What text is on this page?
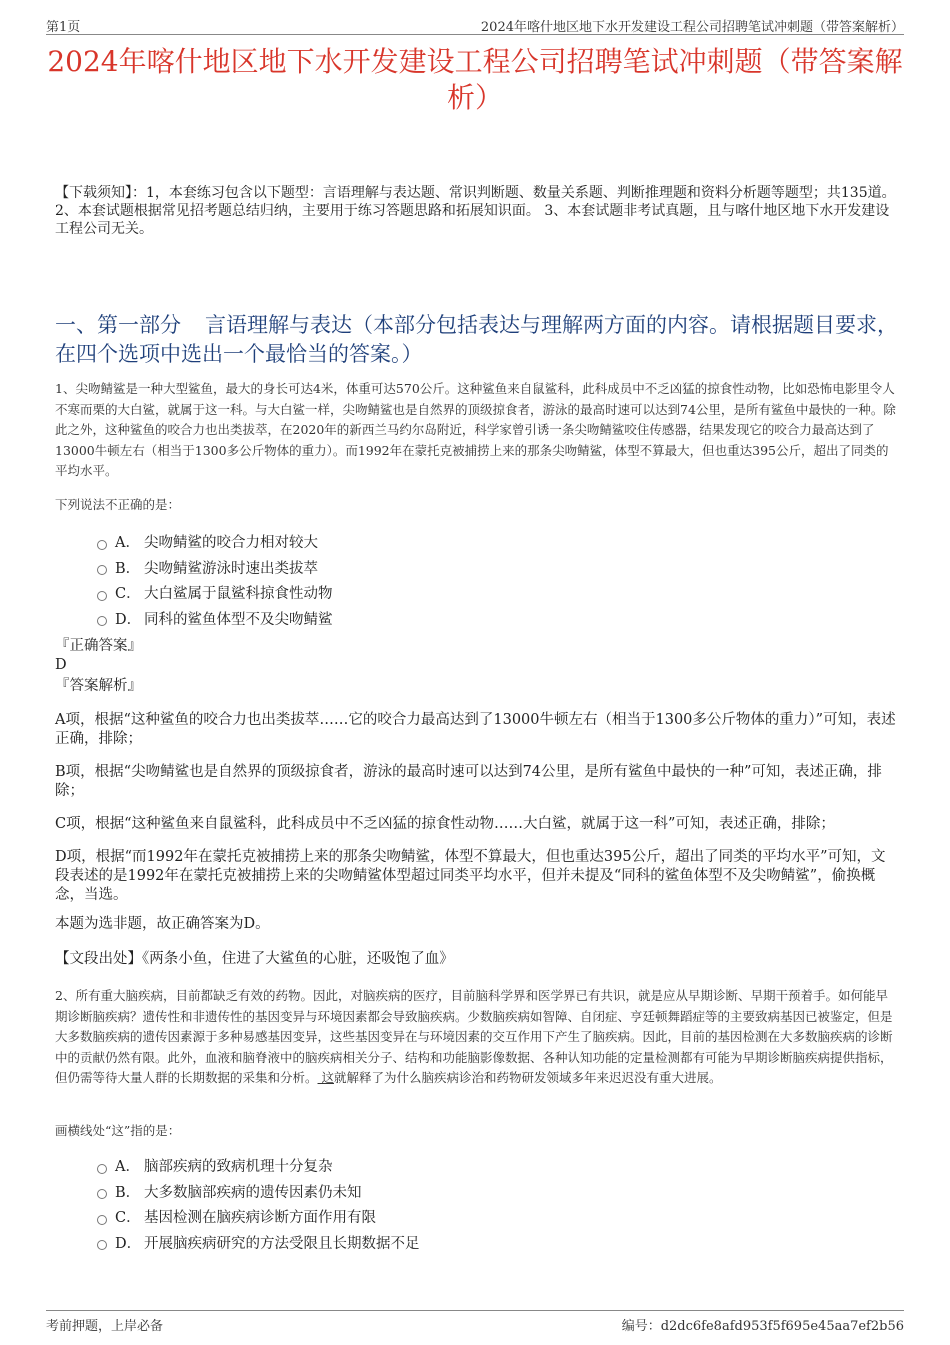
第1页	2024年喀什地区地下水开发建设工程公司招聘笔试冲刺题（带答案解析）
2024年喀什地区地下水开发建设工程公司招聘笔试冲刺题（带答案解析）
【下载须知】：1，本套练习包含以下题型：言语理解与表达题、常识判断题、数量关系题、判断推理题和资料分析题等题型；共135道。 2、本套试题根据常见招考题总结归纳，主要用于练习答题思路和拓展知识面。 3、本套试题非考试真题，且与喀什地区地下水开发建设工程公司无关。
一、第一部分 言语理解与表达（本部分包括表达与理解两方面的内容。请根据题目要求，在四个选项中选出一个最恰当的答案。）
1、尖吻鲭鲨是一种大型鲨鱼，最大的身长可达4米，体重可达570公斤。这种鲨鱼来自鼠鲨科，此科成员中不乏凶猛的掠食性动物，比如恐怖电影里令人不寒而栗的大白鲨，就属于这一科。与大白鲨一样，尖吻鲭鲨也是自然界的顶级掠食者，游泳的最高时速可以达到74公里，是所有鲨鱼中最快的一种。除此之外，这种鲨鱼的咬合力也出类拔萃，在2020年的新西兰马约尔岛附近，科学家曾引诱一条尖吻鲭鲨咬住传感器，结果发现它的咬合力最高达到了13000牛顿左右（相当于1300多公斤物体的重力）。而1992年在蒙托克被捕捞上来的那条尖吻鲭鲨，体型不算最大，但也重达395公斤，超出了同类的平均水平。
下列说法不正确的是：
A． 尖吻鲭鲨的咬合力相对较大
B． 尖吻鲭鲨游泳时速出类拔萃
C． 大白鲨属于鼠鲨科掠食性动物
D． 同科的鲨鱼体型不及尖吻鲭鲨
『正确答案』
D
『答案解析』
A项，根据“这种鲨鱼的咬合力也出类拔萃……它的咬合力最高达到了13000牛顿左右（相当于1300多公斤物体的重力）”可知，表述正确，排除；
B项，根据“尖吻鲭鲨也是自然界的顶级掠食者，游泳的最高时速可以达到74公里，是所有鲨鱼中最快的一种”可知，表述正确，排除；
C项，根据“这种鲨鱼来自鼠鲨科，此科成员中不乏凶猛的掠食性动物……大白鲨，就属于这一科”可知，表述正确，排除；
D项，根据“而1992年在蒙托克被捕捞上来的那条尖吻鲭鲨，体型不算最大，但也重达395公斤，超出了同类的平均水平”可知，文段表述的是1992年在蒙托克被捕捞上来的尖吻鲭鲨体型超过同类平均水平，但并未提及“同科的鲨鱼体型不及尖吻鲭鲨”，偷换概念，当选。
本题为选非题，故正确答案为D。
【文段出处】《两条小鱼，住进了大鲨鱼的心脏，还吸饱了血》
2、所有重大脑疾病，目前都缺乏有效的药物。因此，对脑疾病的医疗，目前脑科学界和医学界已有共识，就是应从早期诊断、早期干预着手。如何能早期诊断脑疾病？遗传性和非遗传性的基因变异与环境因素都会导致脑疾病。少数脑疾病如智障、自闭症、亨廷顿舞蹈症等的主要致病基因已被鉴定，但是大多数脑疾病的遗传因素源于多种易感基因变异，这些基因变异在与环境因素的交互作用下产生了脑疾病。因此，目前的基因检测在大多数脑疾病的诊断中的贡献仍然有限。此外，血液和脑脊液中的脑疾病相关分子、结构和功能脑影像数据、各种认知功能的定量检测都有可能为早期诊断脑疾病提供指标，但仍需等待大量人群的长期数据的采集和分析。 这就解释了为什么脑疾病诊治和药物研发领域多年来迟迟没有重大进展。
画横线处“这”指的是：
A． 脑部疾病的致病机理十分复杂
B． 大多数脑部疾病的遗传因素仍未知
C． 基因检测在脑疾病诊断方面作用有限
D． 开展脑疾病研究的方法受限且长期数据不足
考前押题，上岸必备	编号：d2dc6fe8afd953f5f695e45aa7ef2b56
